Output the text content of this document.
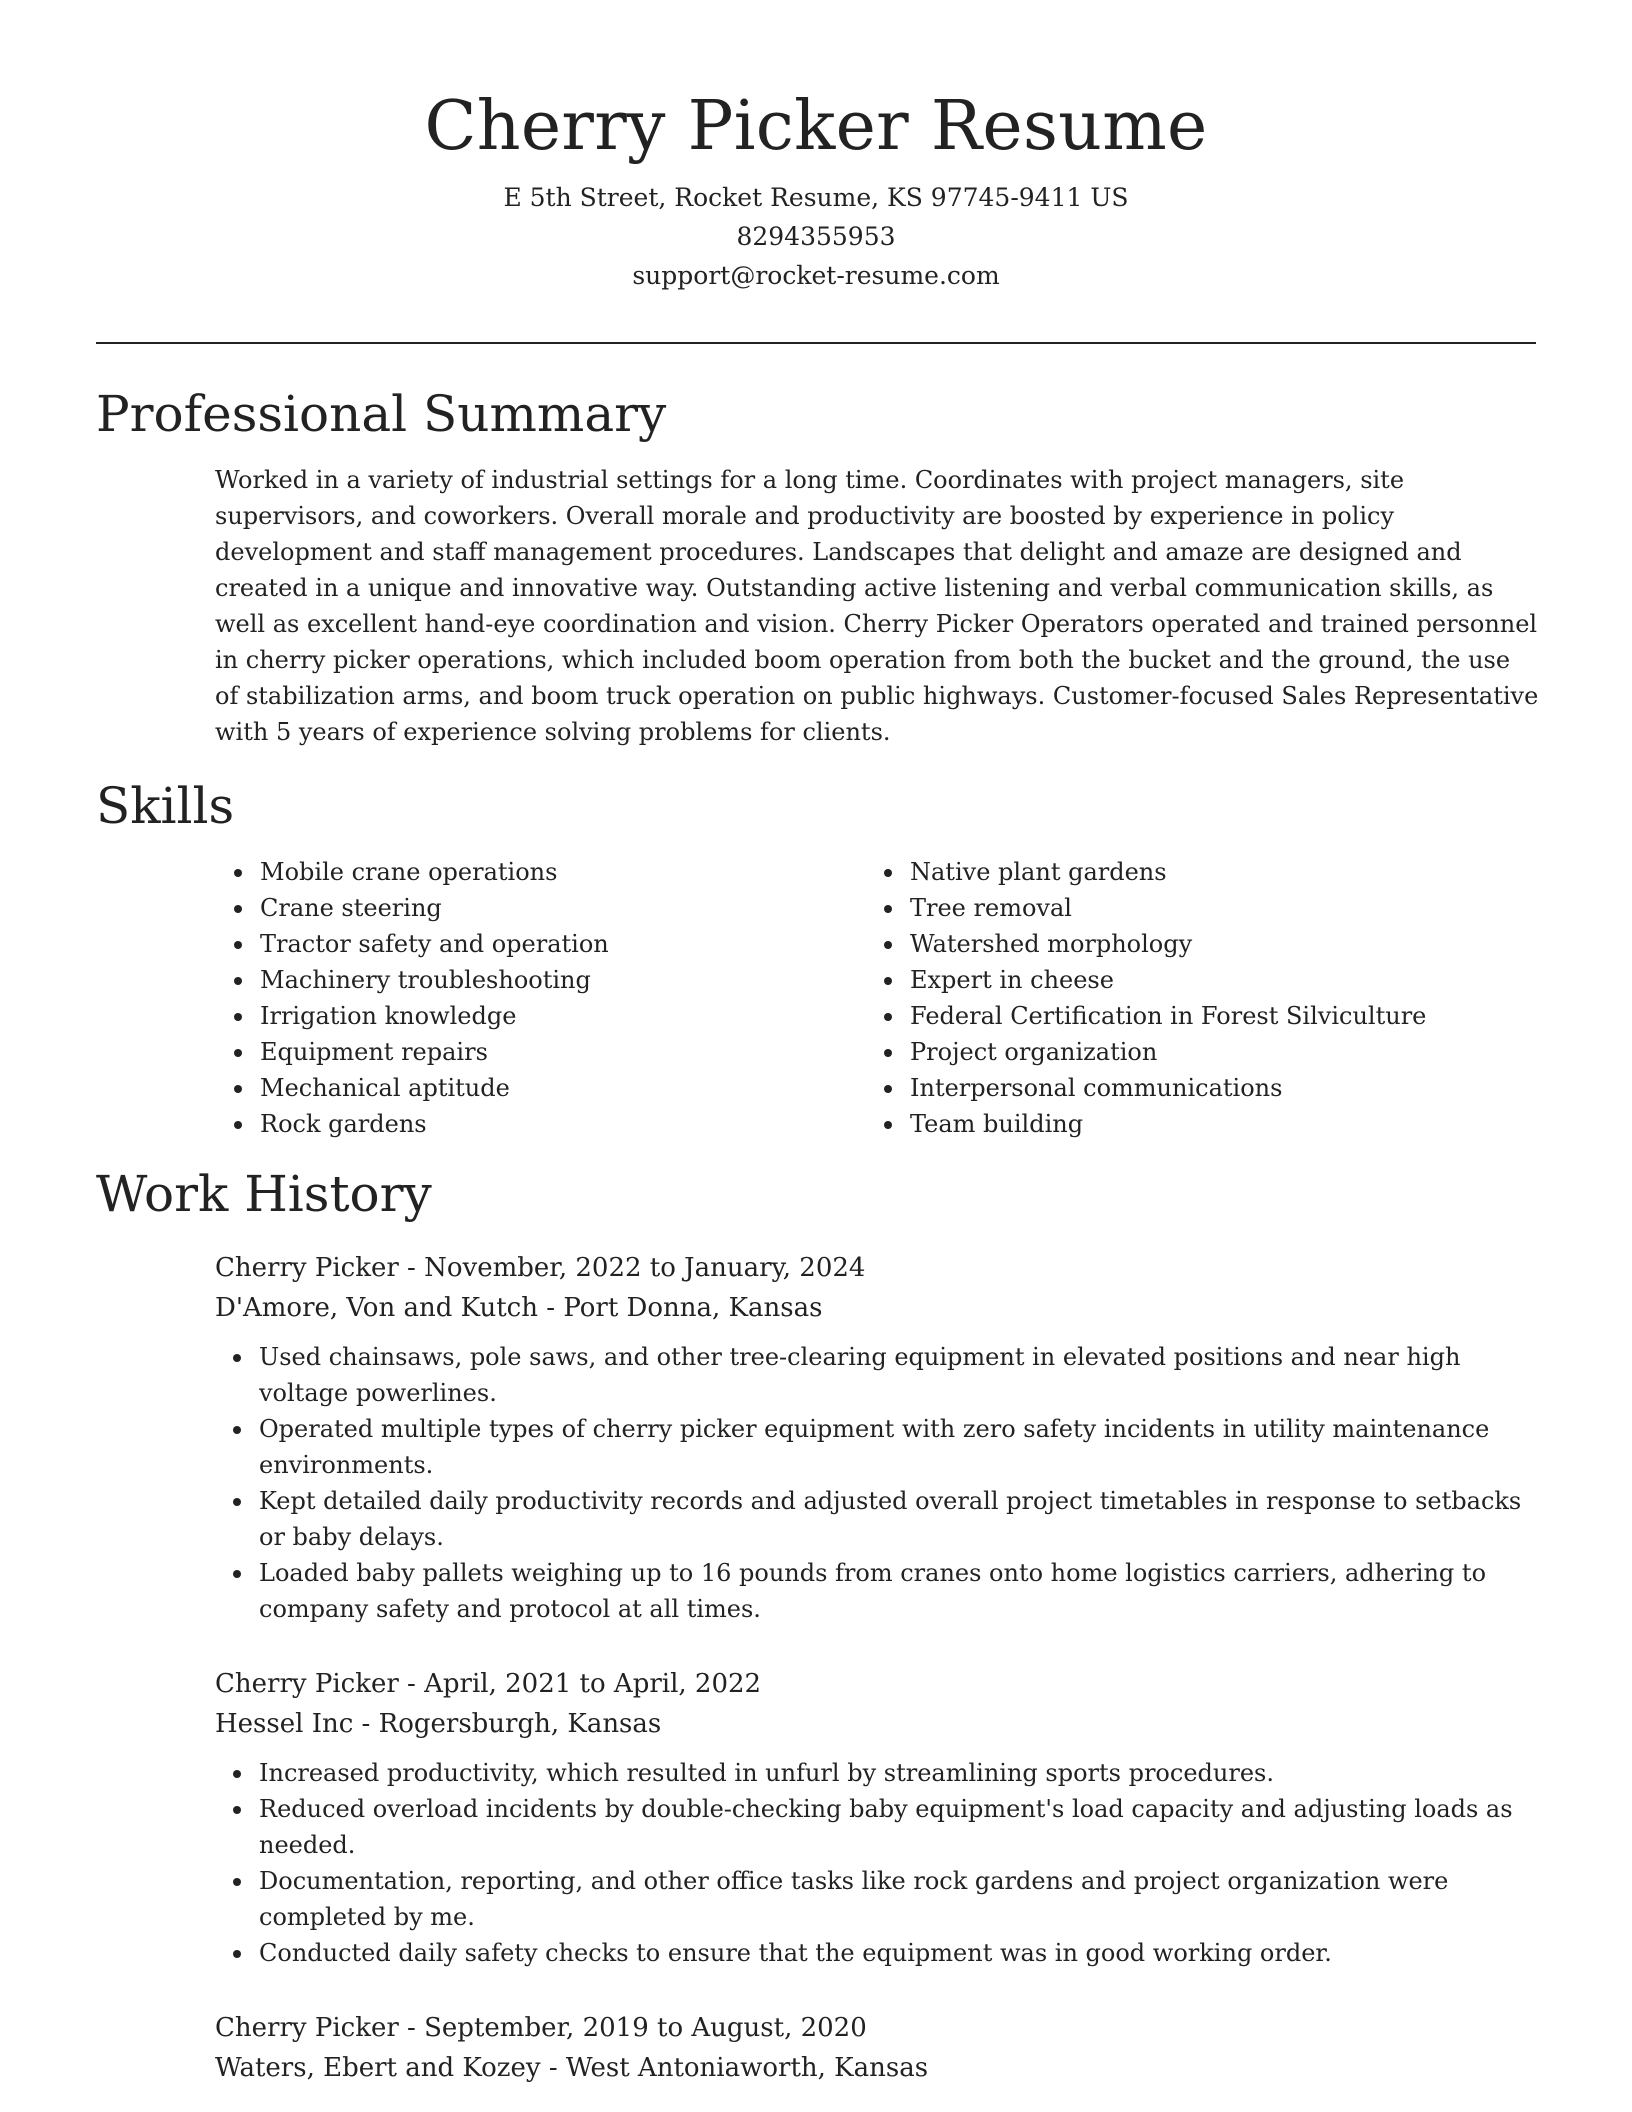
Cherry Picker Resume
E 5th Street, Rocket Resume, KS 97745-9411 US
8294355953
support@rocket-resume.com
Professional Summary

Worked in a variety of industrial settings for a long time. Coordinates with project managers, site supervisors, and coworkers. Overall morale and productivity are boosted by experience in policy development and staff management procedures. Landscapes that delight and amaze are designed and created in a unique and innovative way. Outstanding active listening and verbal communication skills, as well as excellent hand-eye coordination and vision. Cherry Picker Operators operated and trained personnel in cherry picker operations, which included boom operation from both the bucket and the ground, the use of stabilization arms, and boom truck operation on public highways. Customer-focused Sales Representative with 5 years of experience solving problems for clients.

Skills
Mobile crane operations
Crane steering
Tractor safety and operation
Machinery troubleshooting
Irrigation knowledge
Equipment repairs
Mechanical aptitude
Rock gardens
Native plant gardens
Tree removal
Watershed morphology
Expert in cheese
Federal Certification in Forest Silviculture
Project organization
Interpersonal communications
Team building
Work History
Cherry Picker - November, 2022 to January, 2024
D'Amore, Von and Kutch - Port Donna, Kansas
Used chainsaws, pole saws, and other tree-clearing equipment in elevated positions and near high voltage powerlines.
Operated multiple types of cherry picker equipment with zero safety incidents in utility maintenance environments.
Kept detailed daily productivity records and adjusted overall project timetables in response to setbacks or baby delays.
Loaded baby pallets weighing up to 16 pounds from cranes onto home logistics carriers, adhering to company safety and protocol at all times.
Cherry Picker - April, 2021 to April, 2022
Hessel Inc - Rogersburgh, Kansas
Increased productivity, which resulted in unfurl by streamlining sports procedures.
Reduced overload incidents by double-checking baby equipment's load capacity and adjusting loads as needed.
Documentation, reporting, and other office tasks like rock gardens and project organization were completed by me.
Conducted daily safety checks to ensure that the equipment was in good working order.
Cherry Picker - September, 2019 to August, 2020
Waters, Ebert and Kozey - West Antoniaworth, Kansas
